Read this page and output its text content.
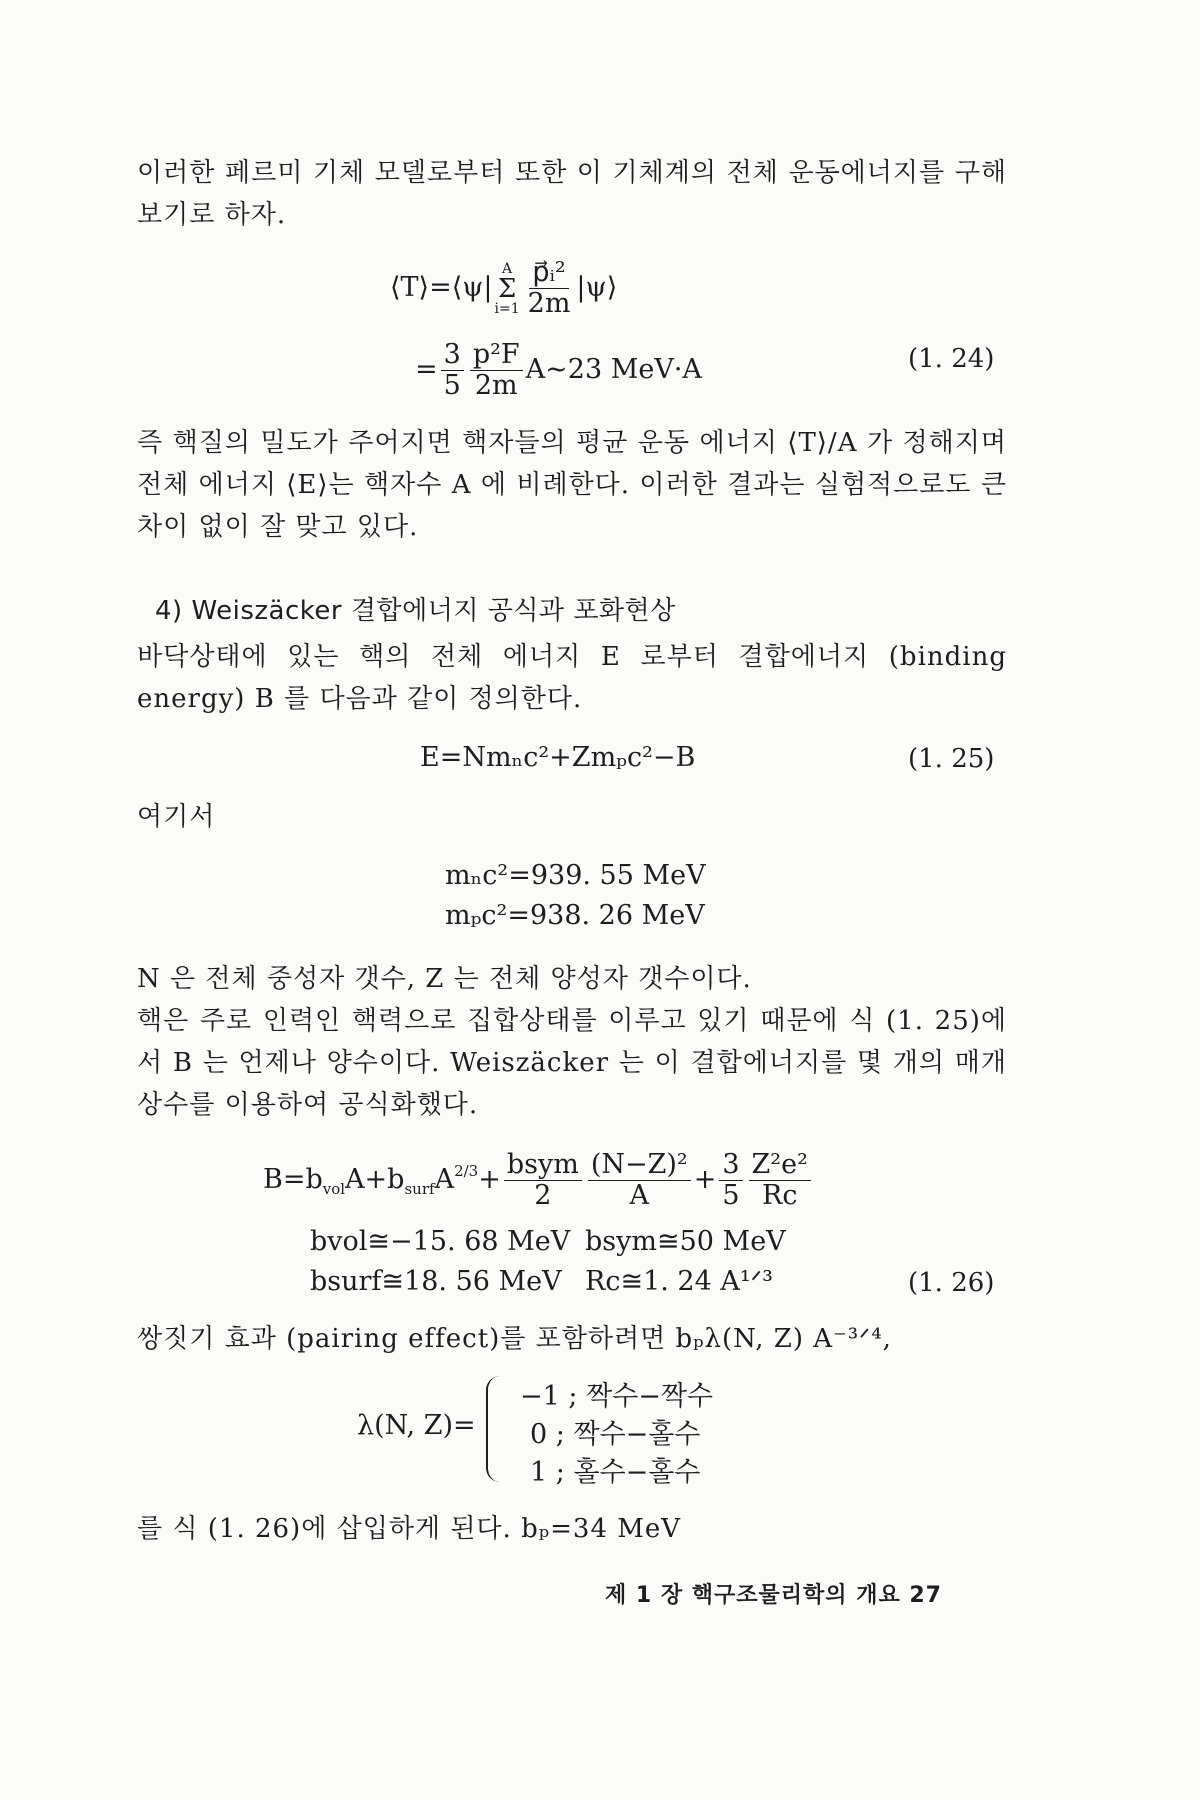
이러한 페르미 기체 모델로부터 또한 이 기체계의 전체 운동에너지를 구해 보기로 하자.
⟨T⟩=⟨ψ|
A
Σ
$i=1 \frac{\text{p⃗ᵢ²}}{2m}$ |ψ⟩
= $\frac{3}{5} \frac{\text{p²F}}{2m}$ A∼23 MeV·A	(1. 24)
즉 핵질의 밀도가 주어지면 핵자들의 평균 운동 에너지 ⟨T⟩/A 가 정해지며 전체 에너지 ⟨E⟩는 핵자수 A 에 비례한다. 이러한 결과는 실험적으로도 큰 차이 없이 잘 맞고 있다.
4) Weiszäcker 결합에너지 공식과 포화현상
바닥상태에 있는 핵의 전체 에너지 E 로부터 결합에너지 (binding energy) B 를 다음과 같이 정의한다.
E=Nmₙc²+Zmₚc²−B	(1. 25)
여기서
mₙc²=939. 55 MeV
mₚc²=938. 26 MeV
N 은 전체 중성자 갯수, Z 는 전체 양성자 갯수이다.
핵은 주로 인력인 핵력으로 집합상태를 이루고 있기 때문에 식 (1. 25)에서 B 는 언제나 양수이다. Weiszäcker 는 이 결합에너지를 몇 개의 매개상수를 이용하여 공식화했다.
$B=b_{vol}A+b_{surf}A^{2/3}+ \frac{\text{bsym}}{2} \frac{\text{(N−Z)²}}{A} + \frac{3}{5} \frac{\text{Z²e²}}{Rc}$
bvol≅−15. 68 MeV bsym≅50 MeV
bsurf≅18. 56 MeV Rc≅1. 24 A¹ᐟ³	(1. 26)
쌍짓기 효과 (pairing effect)를 포함하려면 bₚλ(N, Z) A⁻³ᐟ⁴,
λ(N, Z)=
−1 ; 짝수−짝수
0 ; 짝수−홀수
1 ; 홀수−홀수
를 식 (1. 26)에 삽입하게 된다. bₚ=34 MeV
제 1 장 핵구조물리학의 개요 27
